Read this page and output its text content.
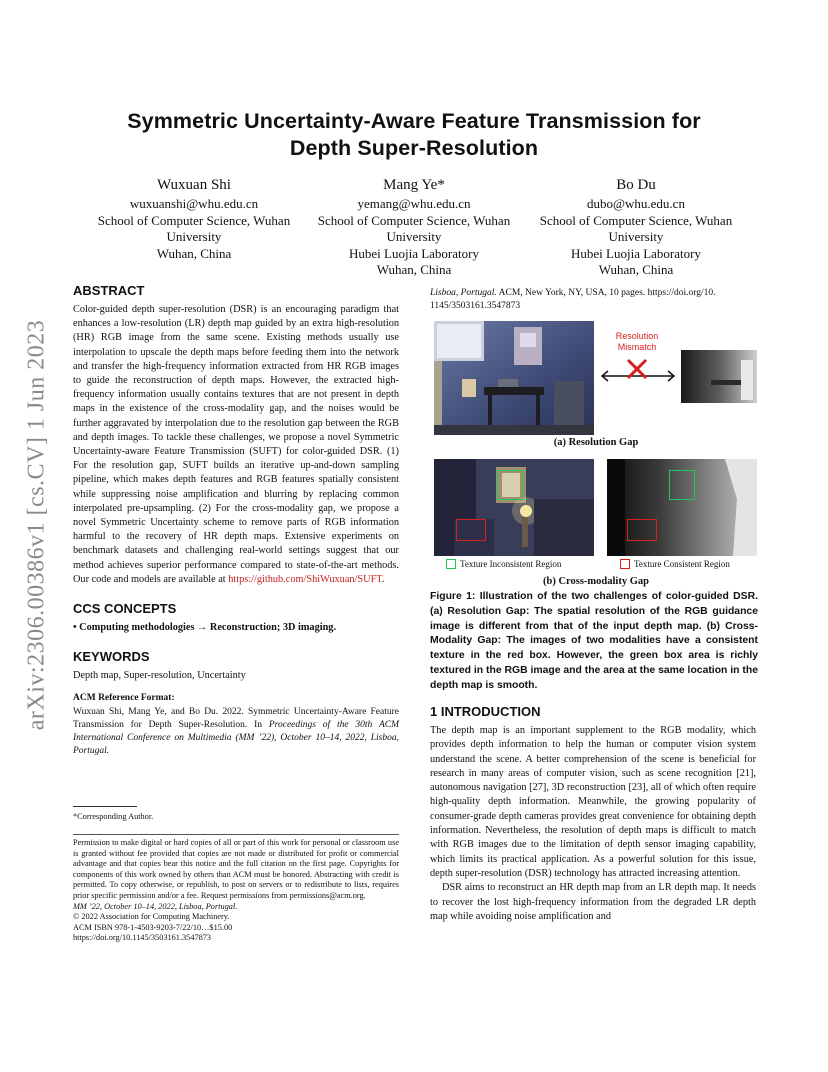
arXiv:2306.00386v1 [cs.CV] 1 Jun 2023
Symmetric Uncertainty-Aware Feature Transmission for
Depth Super-Resolution
Wuxuan Shi
wuxuanshi@whu.edu.cn
School of Computer Science, Wuhan
University
Wuhan, China
Mang Ye*
yemang@whu.edu.cn
School of Computer Science, Wuhan
University
Hubei Luojia Laboratory
Wuhan, China
Bo Du
dubo@whu.edu.cn
School of Computer Science, Wuhan
University
Hubei Luojia Laboratory
Wuhan, China
ABSTRACT
Color-guided depth super-resolution (DSR) is an encouraging paradigm that enhances a low-resolution (LR) depth map guided by an extra high-resolution (HR) RGB image from the same scene. Existing methods usually use interpolation to upscale the depth maps before feeding them into the network and transfer the high-frequency information extracted from HR RGB images to guide the reconstruction of depth maps. However, the extracted high-frequency information usually contains textures that are not present in depth maps in the existence of the cross-modality gap, and the noises would be further aggravated by interpolation due to the resolution gap between the RGB and depth images. To tackle these challenges, we propose a novel Symmetric Uncertainty-aware Feature Transmission (SUFT) for color-guided DSR. (1) For the resolution gap, SUFT builds an iterative up-and-down sampling pipeline, which makes depth features and RGB features spatially consistent while suppressing noise amplification and blurring by replacing common interpolated pre-upsampling. (2) For the cross-modality gap, we propose a novel Symmetric Uncertainty scheme to remove parts of RGB information harmful to the recovery of HR depth maps. Extensive experiments on benchmark datasets and challenging real-world settings suggest that our method achieves superior performance compared to state-of-the-art methods. Our code and models are available at https://github.com/ShiWuxuan/SUFT.
CCS CONCEPTS
• Computing methodologies → Reconstruction; 3D imaging.
KEYWORDS
Depth map, Super-resolution, Uncertainty
ACM Reference Format:
Wuxuan Shi, Mang Ye, and Bo Du. 2022. Symmetric Uncertainty-Aware Feature Transmission for Depth Super-Resolution. In Proceedings of the 30th ACM International Conference on Multimedia (MM ’22), October 10–14, 2022, Lisboa, Portugal.
*Corresponding Author.
Permission to make digital or hard copies of all or part of this work for personal or classroom use is granted without fee provided that copies are not made or distributed for profit or commercial advantage and that copies bear this notice and the full citation on the first page. Copyrights for components of this work owned by others than ACM must be honored. Abstracting with credit is permitted. To copy otherwise, or republish, to post on servers or to redistribute to lists, requires prior specific permission and/or a fee. Request permissions from permissions@acm.org.
MM ’22, October 10–14, 2022, Lisboa, Portugal.
© 2022 Association for Computing Machinery.
ACM ISBN 978-1-4503-9203-7/22/10…$15.00
https://doi.org/10.1145/3503161.3547873
Lisboa, Portugal. ACM, New York, NY, USA, 10 pages. https://doi.org/10.
1145/3503161.3547873
Resolution
Mismatch
(a) Resolution Gap
Texture Inconsistent Region	Texture Consistent Region
(b) Cross-modality Gap
Figure 1: Illustration of the two challenges of color-guided DSR. (a) Resolution Gap: The spatial resolution of the RGB guidance image is different from that of the input depth map. (b) Cross-Modality Gap: The images of two modalities have a consistent texture in the red box. However, the green box area is richly textured in the RGB image and the area at the same location in the depth map is smooth.
1 INTRODUCTION
The depth map is an important supplement to the RGB modality, which provides depth information to help the human or computer vision system understand the scene. A better comprehension of the scene is beneficial for research in many areas of computer vision, such as scene recognition [21], autonomous navigation [27], 3D reconstruction [23], all of which often require high-quality depth information. Meanwhile, the growing popularity of consumer-grade depth cameras provides great convenience for obtaining depth information. Nevertheless, the resolution of depth maps is difficult to match with RGB images due to the limitation of depth sensor imaging capability, which limits its practical application. As a powerful solution for this issue, depth super-resolution (DSR) technology has attracted increasing attention.
DSR aims to reconstruct an HR depth map from an LR depth map. It needs to recover the lost high-frequency information from the degraded LR depth map while avoiding noise amplification and
